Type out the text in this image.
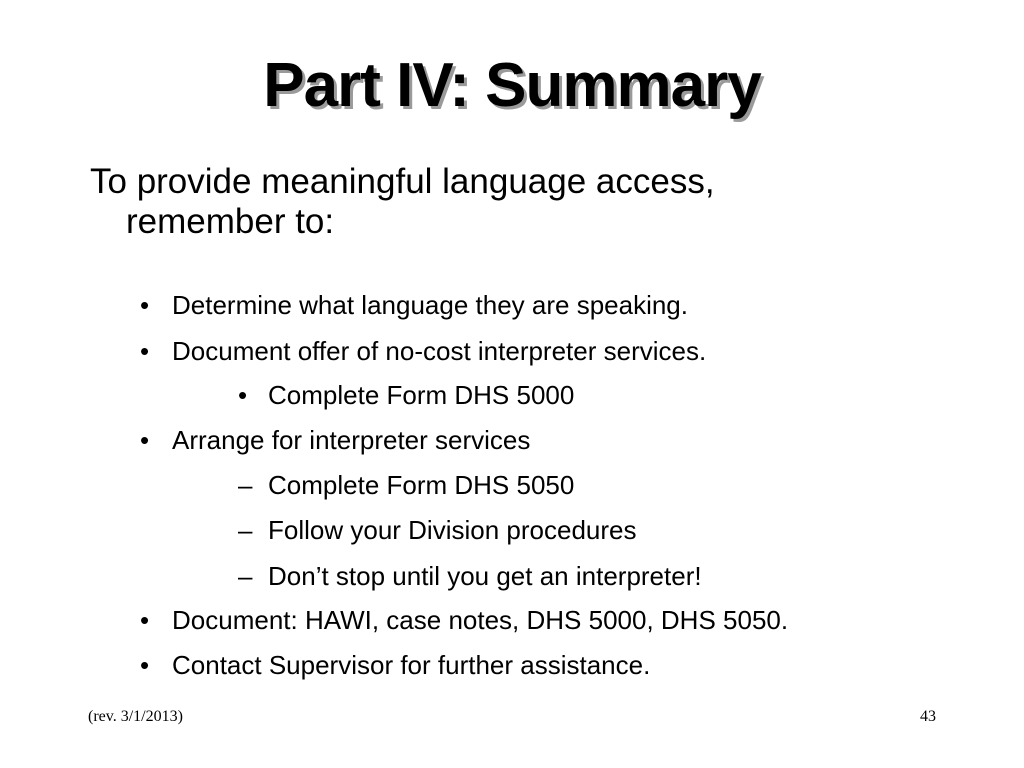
Part IV: Summary
To provide meaningful language access,
remember to:
• Determine what language they are speaking.
• Document offer of no-cost interpreter services.
• Complete Form DHS 5000
• Arrange for interpreter services
– Complete Form DHS 5050
– Follow your Division procedures
– Don’t stop until you get an interpreter!
• Document: HAWI, case notes, DHS 5000, DHS 5050.
• Contact Supervisor for further assistance.
(rev. 3/1/2013)	43
